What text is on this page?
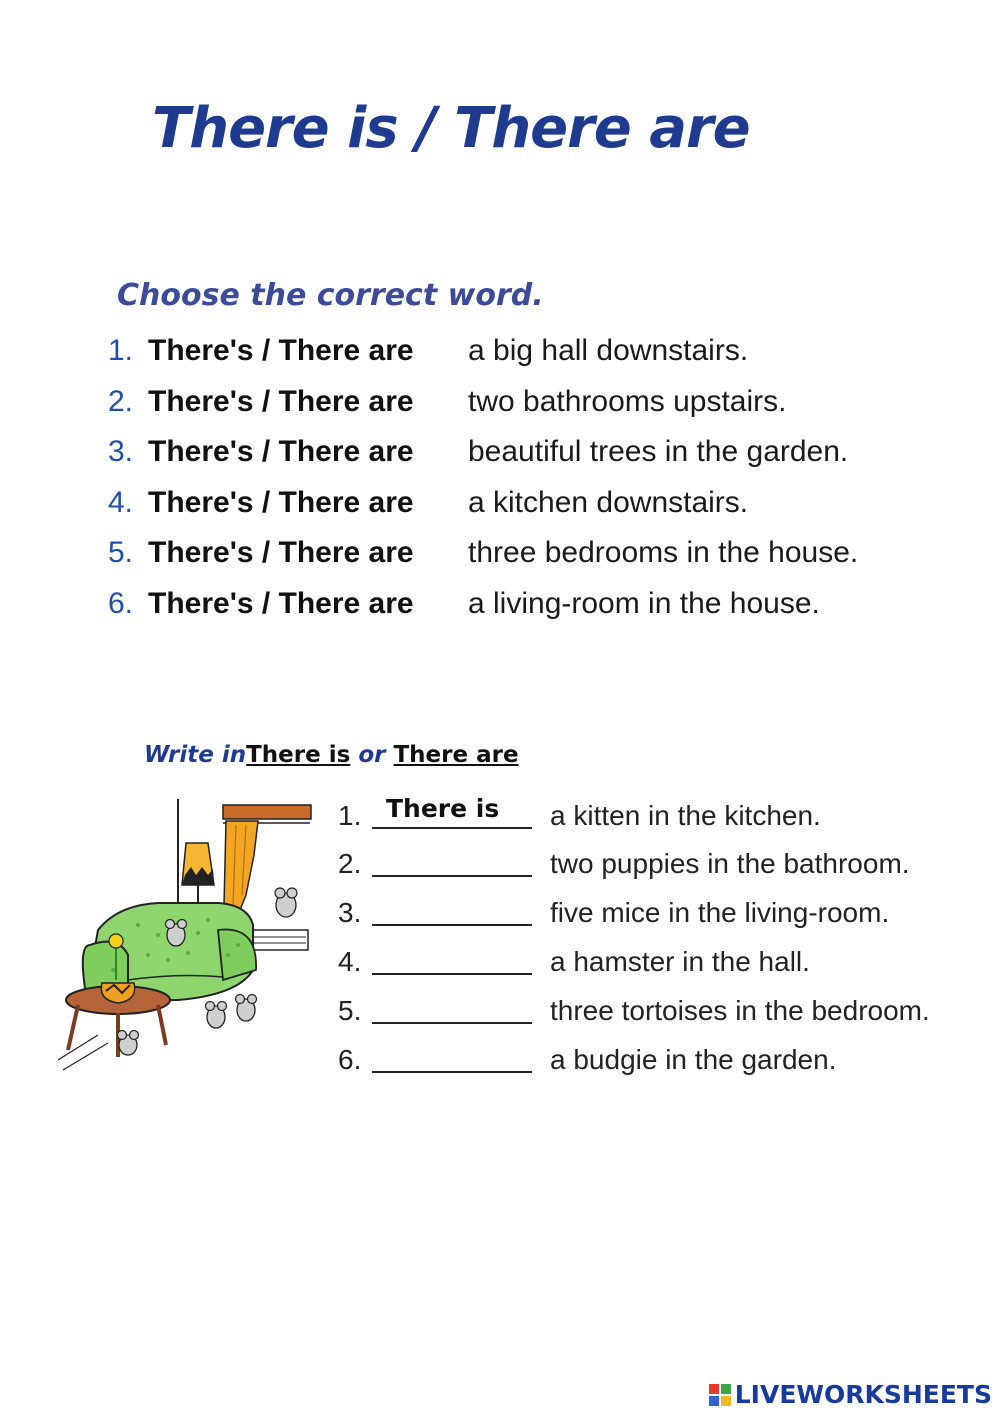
There is / There are
Choose the correct word.
1. There's / There are a big hall downstairs.
2. There's / There are two bathrooms upstairs.
3. There's / There are beautiful trees in the garden.
4. There's / There are a kitchen downstairs.
5. There's / There are three bedrooms in the house.
6. There's / There are a living-room in the house.
Write inThere is or There are
1. There is a kitten in the kitchen.
2.	two puppies in the bathroom.
3.	five mice in the living-room.
4.	a hamster in the hall.
5.	three tortoises in the bedroom.
6.	a budgie in the garden.
LIVEWORKSHEETS
